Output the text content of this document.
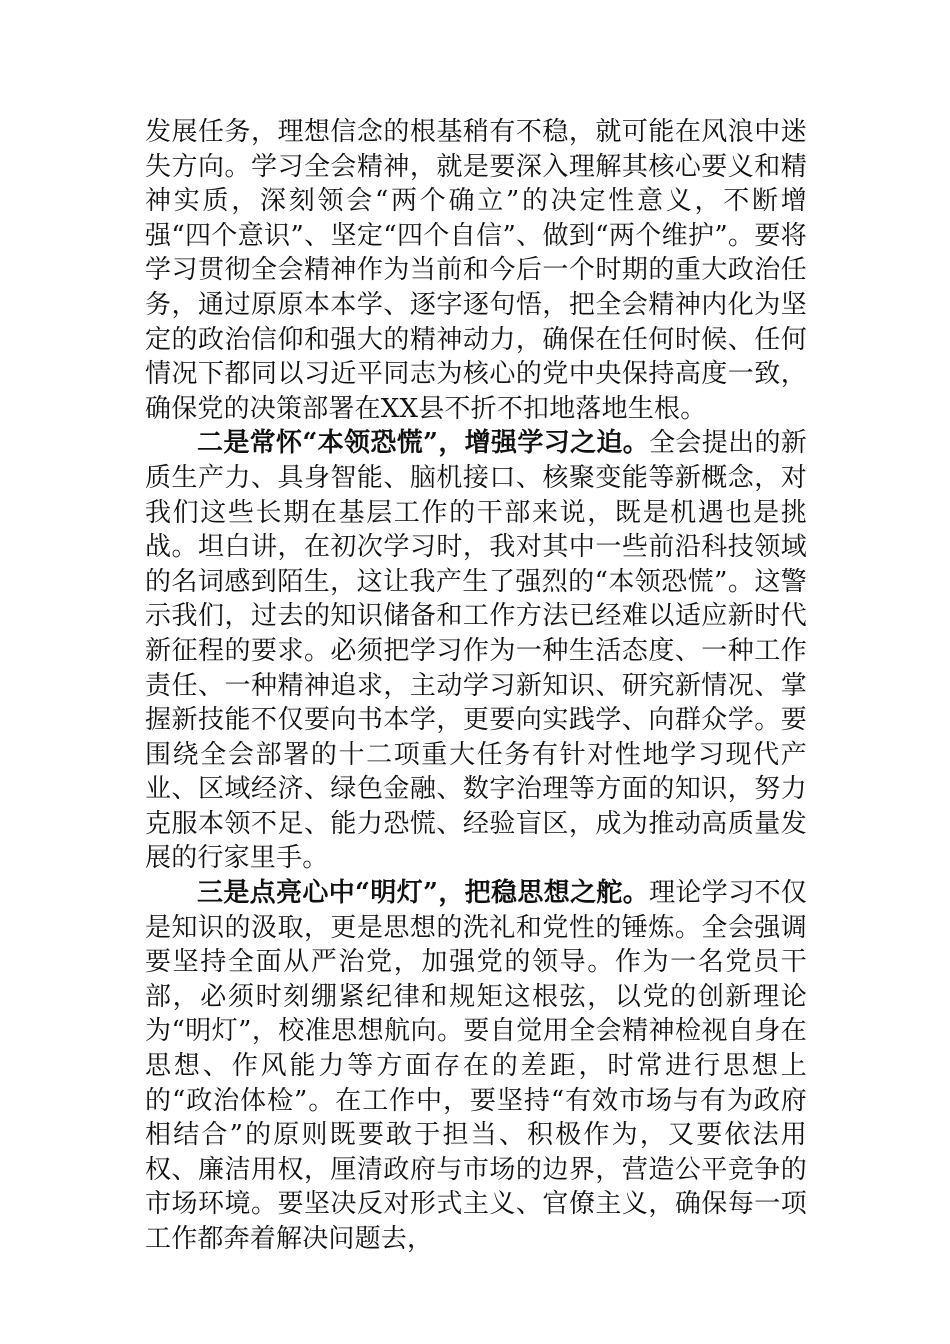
发展任务，理想信念的根基稍有不稳，就可能在风浪中迷失方向。学习全会精神，就是要深入理解其核心要义和精神实质，深刻领会“两个确立”的决定性意义，不断增强“四个意识”、坚定“四个自信”、做到“两个维护”。要将学习贯彻全会精神作为当前和今后一个时期的重大政治任务，通过原原本本学、逐字逐句悟，把全会精神内化为坚定的政治信仰和强大的精神动力，确保在任何时候、任何情况下都同以习近平同志为核心的党中央保持高度一致，确保党的决策部署在XX县不折不扣地落地生根。

二是常怀“本领恐慌”，增强学习之迫。全会提出的新质生产力、具身智能、脑机接口、核聚变能等新概念，对我们这些长期在基层工作的干部来说，既是机遇也是挑战。坦白讲，在初次学习时，我对其中一些前沿科技领域的名词感到陌生，这让我产生了强烈的“本领恐慌”。这警示我们，过去的知识储备和工作方法已经难以适应新时代新征程的要求。必须把学习作为一种生活态度、一种工作责任、一种精神追求，主动学习新知识、研究新情况、掌握新技能不仅要向书本学，更要向实践学、向群众学。要围绕全会部署的十二项重大任务有针对性地学习现代产业、区域经济、绿色金融、数字治理等方面的知识，努力克服本领不足、能力恐慌、经验盲区，成为推动高质量发展的行家里手。

三是点亮心中“明灯”，把稳思想之舵。理论学习不仅是知识的汲取，更是思想的洗礼和党性的锤炼。全会强调要坚持全面从严治党，加强党的领导。作为一名党员干部，必须时刻绷紧纪律和规矩这根弦，以党的创新理论为“明灯”，校准思想航向。要自觉用全会精神检视自身在思想、作风能力等方面存在的差距，时常进行思想上的“政治体检”。在工作中，要坚持“有效市场与有为政府相结合”的原则既要敢于担当、积极作为，又要依法用权、廉洁用权，厘清政府与市场的边界，营造公平竞争的市场环境。要坚决反对形式主义、官僚主义，确保每一项工作都奔着解决问题去，
